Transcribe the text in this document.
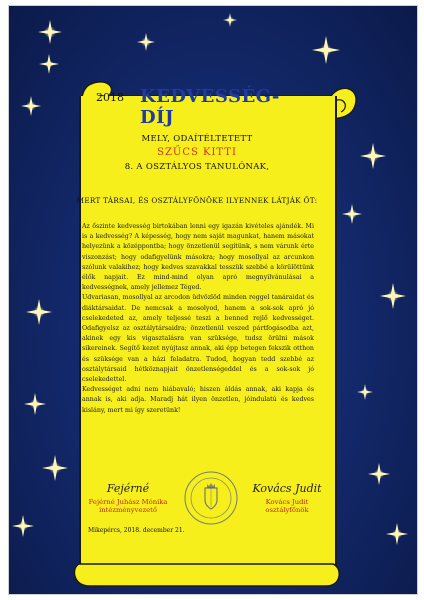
2018 KEDVESSÉG-DÍJ
MELY, ODAÍTÉLTETETT
SZŰCS KITTI
8. A OSZTÁLYOS TANULÓNAK,
MERT TÁRSAI, ÉS OSZTÁLYFŐNÖKE ILYENNEK LÁTJÁK ŐT:

Az őszinte kedvesség birtokában lenni egy igazán kivételes ajándék. Mi is a kedvesség? A képesség, hogy nem saját magunkat, hanem másokat helyezünk a középpontba; hogy önzetlenül segítünk, s nem várunk érte viszonzást; hogy odafigyelünk másokra; hogy mosollyal az arcunkon szólunk valakihez; hogy kedves szavakkal tesszük szebbé a körülöttünk élők napjait. Ez mind-mind olyan apró megnyilvánulásai a kedvességnek, amely jellemez Téged.

Udvariasan, mosollyal az arcodon üdvözlöd minden reggel tanáraidat és diáktársaidat. De nemcsak a mosolyod, hanem a sok-sok apró jó cselekedeted az, amely teljessé teszi a benned rejlő kedvességet. Odafigyelsz az osztálytársaidra; önzetlenül veszed pártfogásodba azt, akinek egy kis vigasztalásra van szüksége, tudsz örülni mások sikereinek. Segítő kezet nyújtasz annak, aki épp betegen fekszik otthon és szüksége van a házi feladatra. Tudod, hogyan tedd szebbé az osztálytársaid hétköznapjait önzetlenségeddel és a sok-sok jó cselekedettel.

Kedvességet adni nem hiábavaló; hiszen áldás annak, aki kapja és annak is, aki adja. Maradj hát ilyen önzetlen, jóindulatú és kedves kislány, mert mi így szeretünk!

Fejérné
Fejérné Juhász Mónika
intézményvezető
Kovács Judit
Kovács Judit
osztályfőnök
Mikepércs, 2018. december 21.
